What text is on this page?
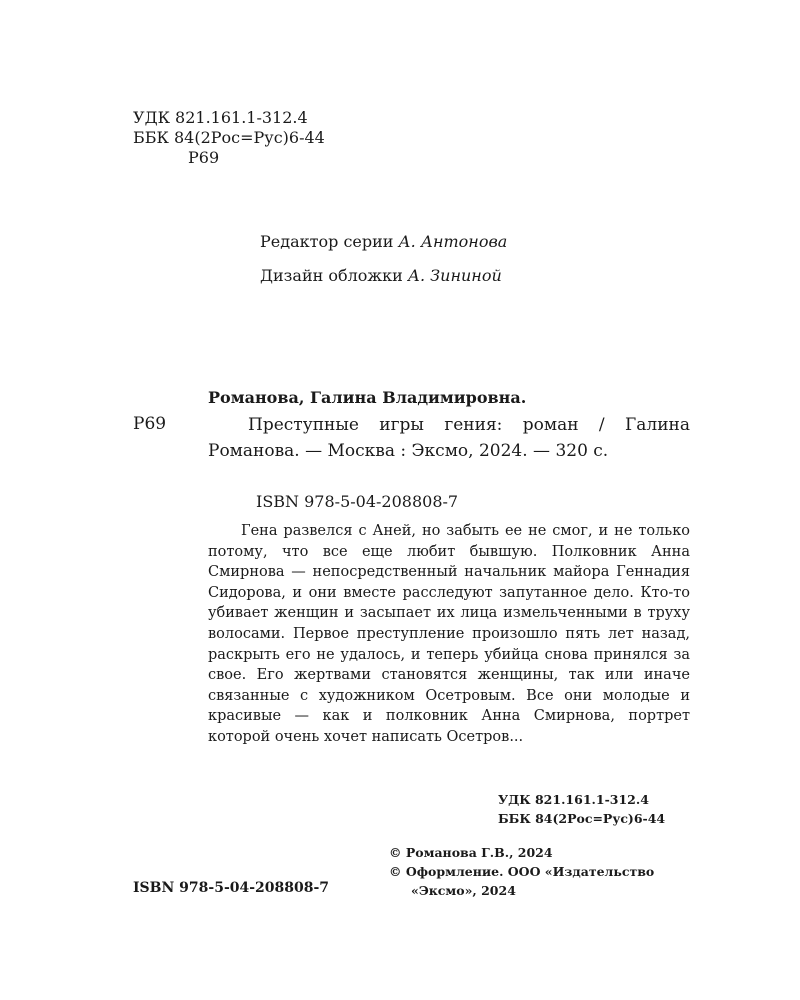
УДК 821.161.1-312.4
ББК 84(2Рос=Рус)6-44
Р69
Редактор серии А. Антонова
Дизайн обложки А. Зининой
Романова, Галина Владимировна.
Р69	Преступные игры гения: роман / Галина Романова. — Москва : Эксмо, 2024. — 320 с.

ISBN 978-5-04-208808-7

Гена развелся с Аней, но забыть ее не смог, и не только потому, что все еще любит бывшую. Полковник Анна Смирнова — непосредственный начальник майора Геннадия Сидорова, и они вместе расследуют запутанное дело. Кто-то убивает женщин и засыпает их лица измельченными в труху волосами. Первое преступление произошло пять лет назад, раскрыть его не удалось, и теперь убийца снова принялся за свое. Его жертвами становятся женщины, так или иначе связанные с художником Осетровым. Все они молодые и красивые — как и полковник Анна Смирнова, портрет которой очень хочет написать Осетров...

УДК 821.161.1-312.4
ББК 84(2Рос=Рус)6-44
© Романова Г.В., 2024
© Оформление. ООО «Издательство
«Эксмо», 2024
ISBN 978-5-04-208808-7
